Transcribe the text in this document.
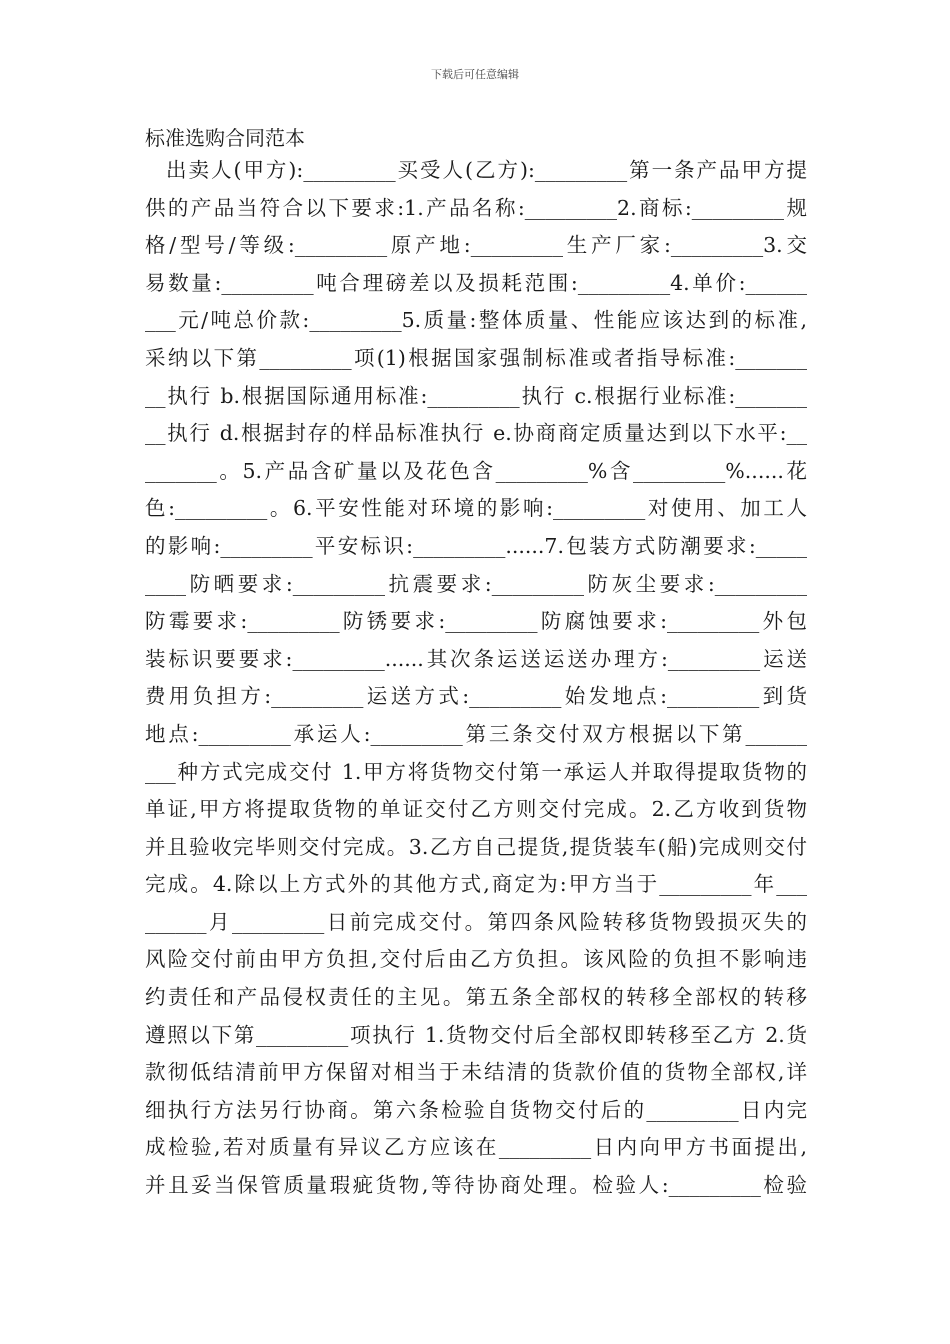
下载后可任意编辑
标准选购合同范本
出卖人(甲方):_________买受人(乙方):_________第一条产品甲方提
供的产品当符合以下要求:1.产品名称:_________2.商标:_________规
格/型号/等级:_________原产地:_________生产厂家:_________3.交
易数量:_________吨合理磅差以及损耗范围:_________4.单价:______
___元/吨总价款:_________5.质量:整体质量、性能应该达到的标准,
采纳以下第_________项(1)根据国家强制标准或者指导标准:_______
__执行 b.根据国际通用标准:_________执行 c.根据行业标准:_______
__执行 d.根据封存的样品标准执行 e.协商商定质量达到以下水平:__
_______。5.产品含矿量以及花色含_________%含_________%......花
色:_________。6.平安性能对环境的影响:_________对使用、加工人
的影响:_________平安标识:_________......7.包装方式防潮要求:_____
____防晒要求:_________抗震要求:_________防灰尘要求:_________
防霉要求:_________防锈要求:_________防腐蚀要求:_________外包
装标识要要求:_________......其次条运送运送办理方:_________运送
费用负担方:_________运送方式:_________始发地点:_________到货
地点:_________承运人:_________第三条交付双方根据以下第______
___种方式完成交付 1.甲方将货物交付第一承运人并取得提取货物的
单证,甲方将提取货物的单证交付乙方则交付完成。2.乙方收到货物
并且验收完毕则交付完成。3.乙方自己提货,提货装车(船)完成则交付
完成。4.除以上方式外的其他方式,商定为:甲方当于_________年___
______月_________日前完成交付。第四条风险转移货物毁损灭失的
风险交付前由甲方负担,交付后由乙方负担。该风险的负担不影响违
约责任和产品侵权责任的主见。第五条全部权的转移全部权的转移
遵照以下第_________项执行 1.货物交付后全部权即转移至乙方 2.货
款彻低结清前甲方保留对相当于未结清的货款价值的货物全部权,详
细执行方法另行协商。第六条检验自货物交付后的_________日内完
成检验,若对质量有异议乙方应该在_________日内向甲方书面提出,
并且妥当保管质量瑕疵货物,等待协商处理。检验人:_________检验
